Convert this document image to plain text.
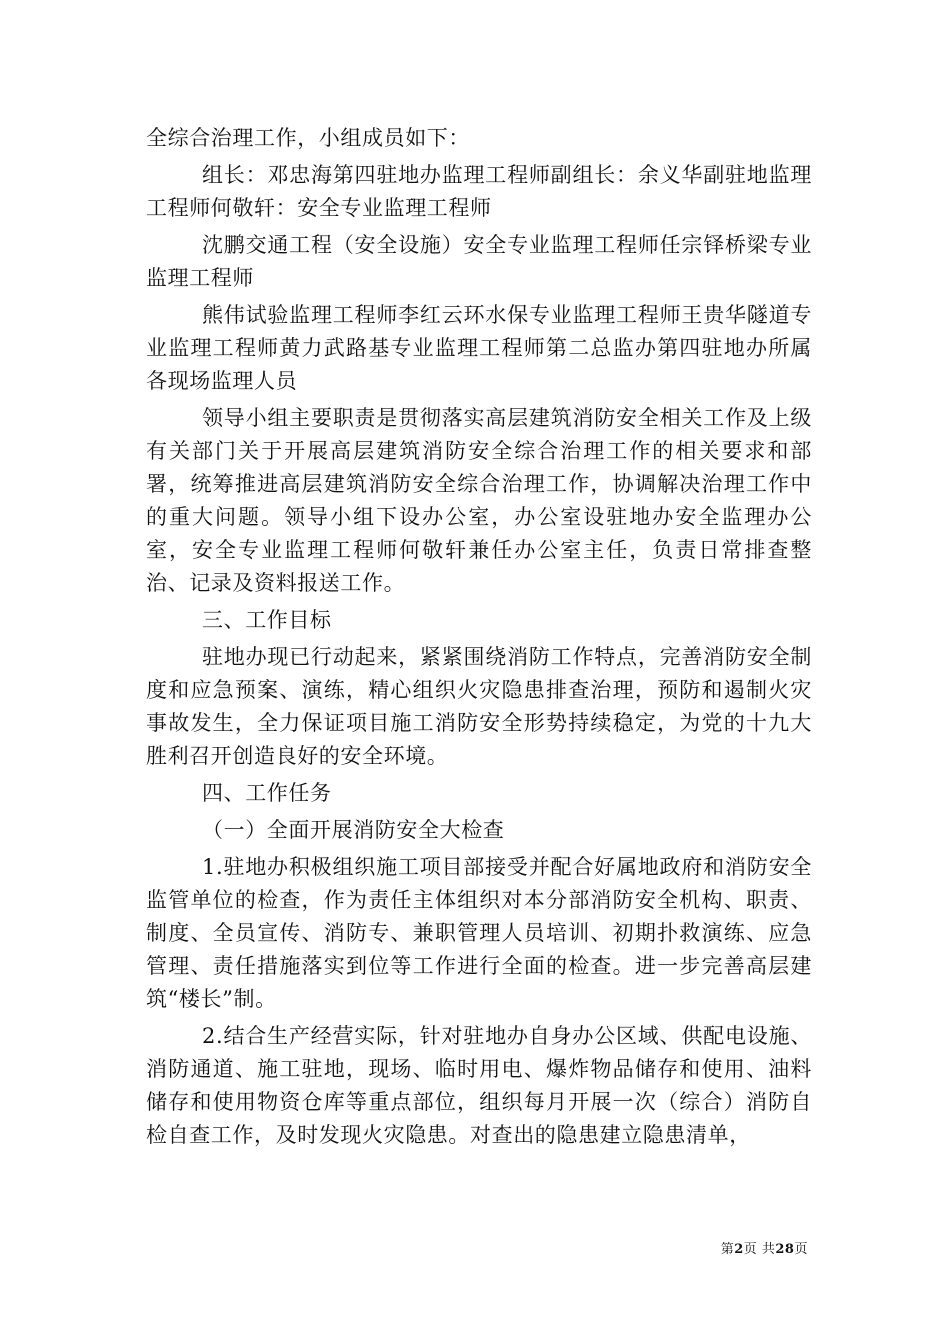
全综合治理工作，小组成员如下：

组长：邓忠海第四驻地办监理工程师副组长：余义华副驻地监理工程师何敬轩：安全专业监理工程师

沈鹏交通工程（安全设施）安全专业监理工程师任宗铎桥梁专业监理工程师

熊伟试验监理工程师李红云环水保专业监理工程师王贵华隧道专业监理工程师黄力武路基专业监理工程师第二总监办第四驻地办所属各现场监理人员

领导小组主要职责是贯彻落实高层建筑消防安全相关工作及上级有关部门关于开展高层建筑消防安全综合治理工作的相关要求和部署，统筹推进高层建筑消防安全综合治理工作，协调解决治理工作中的重大问题。领导小组下设办公室，办公室设驻地办安全监理办公室，安全专业监理工程师何敬轩兼任办公室主任，负责日常排查整治、记录及资料报送工作。

三、工作目标

驻地办现已行动起来，紧紧围绕消防工作特点，完善消防安全制度和应急预案、演练，精心组织火灾隐患排查治理，预防和遏制火灾事故发生，全力保证项目施工消防安全形势持续稳定，为党的十九大胜利召开创造良好的安全环境。

四、工作任务

（一）全面开展消防安全大检查

1.驻地办积极组织施工项目部接受并配合好属地政府和消防安全监管单位的检查，作为责任主体组织对本分部消防安全机构、职责、制度、全员宣传、消防专、兼职管理人员培训、初期扑救演练、应急管理、责任措施落实到位等工作进行全面的检查。进一步完善高层建筑“楼长”制。

2.结合生产经营实际，针对驻地办自身办公区域、供配电设施、消防通道、施工驻地，现场、临时用电、爆炸物品储存和使用、油料储存和使用物资仓库等重点部位，组织每月开展一次（综合）消防自检自查工作，及时发现火灾隐患。对查出的隐患建立隐患清单，

第2页 共28页
